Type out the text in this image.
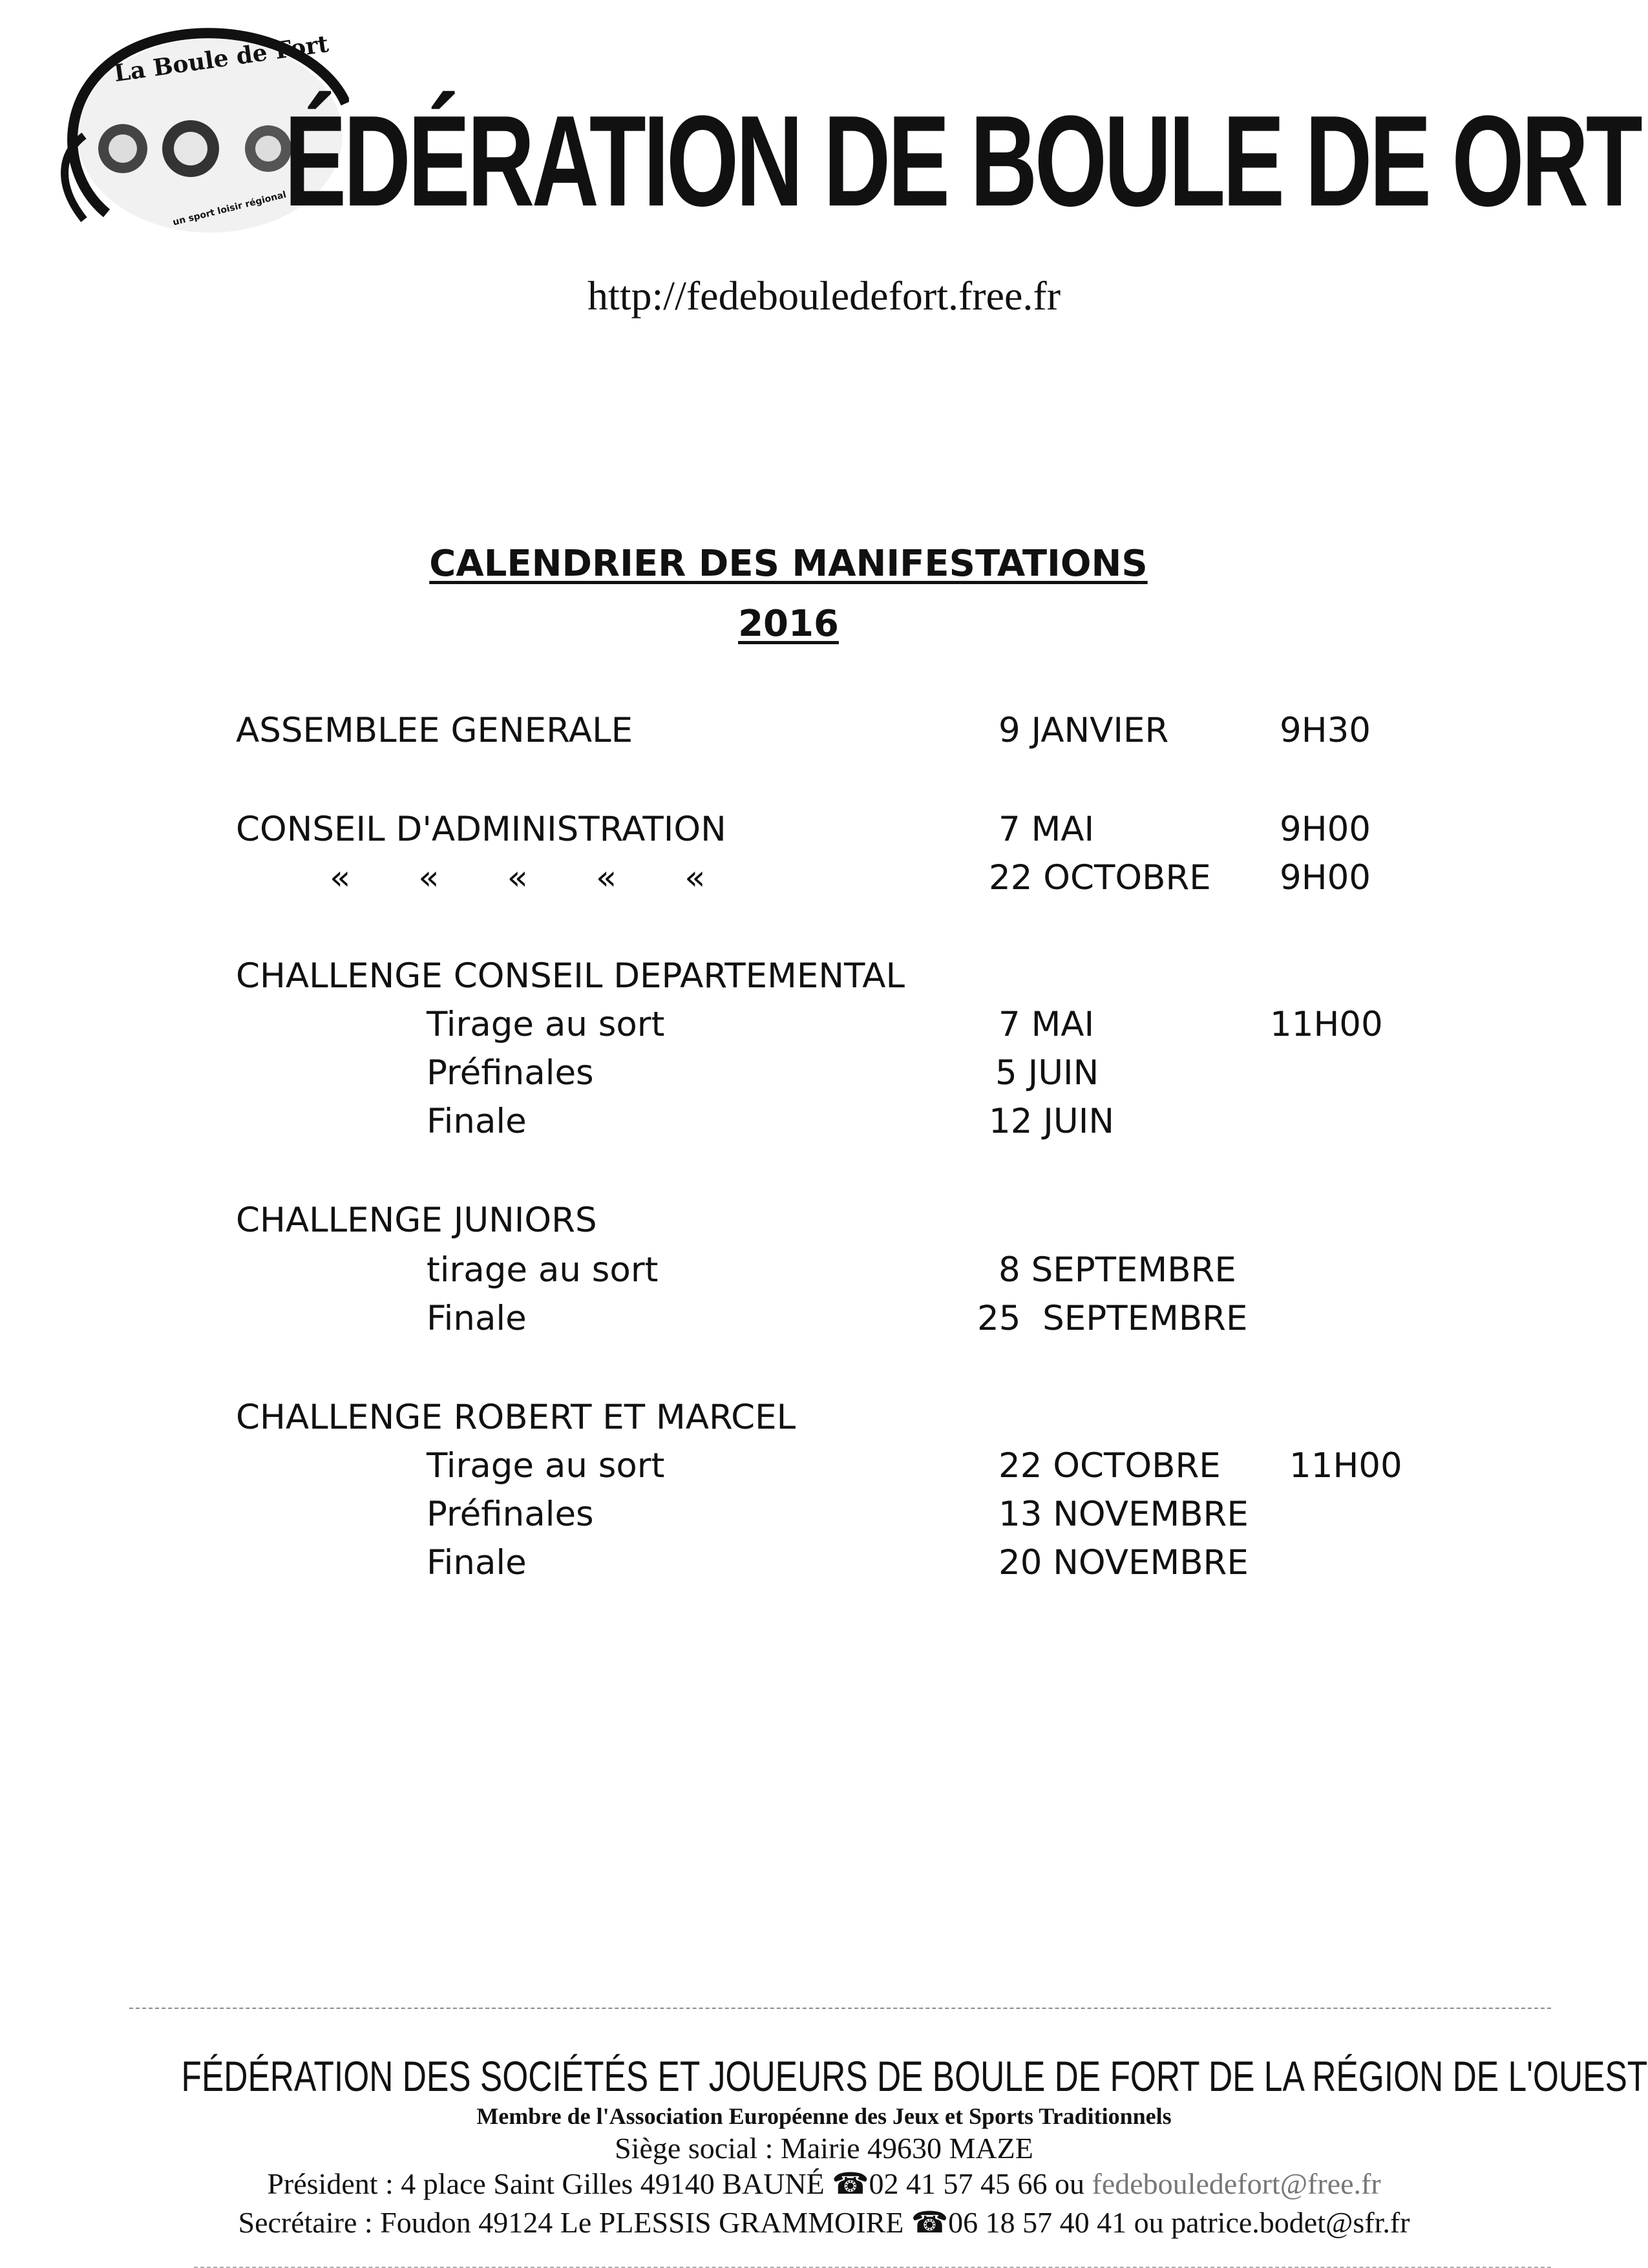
La Boule de Fort
un sport loisir régional
ÉDÉRATION DE BOULE DE ORT
http://fedebouledefort.free.fr
CALENDRIER DES MANIFESTATIONS
2016
ASSEMBLEE GENERALE	9 JANVIER	9H30
CONSEIL D'ADMINISTRATION	7 MAI	9H00
« « « « «	22 OCTOBRE 9H00
CHALLENGE CONSEIL DEPARTEMENTAL
Tirage au sort	7 MAI	11H00
Préfinales	5 JUIN
Finale	12 JUIN
CHALLENGE JUNIORS
tirage au sort	8 SEPTEMBRE
Finale	25  SEPTEMBRE
CHALLENGE ROBERT ET MARCEL
Tirage au sort	22 OCTOBRE 11H00
Préfinales	13 NOVEMBRE
Finale	20 NOVEMBRE
FÉDÉRATION DES SOCIÉTÉS ET JOUEURS DE BOULE DE FORT DE LA RÉGION DE L'OUEST
Membre de l'Association Européenne des Jeux et Sports Traditionnels
Siège social : Mairie 49630 MAZE
Président : 4 place Saint Gilles 49140 BAUNÉ ☎02 41 57 45 66 ou fedebouledefort@free.fr
Secrétaire : Foudon 49124 Le PLESSIS GRAMMOIRE ☎06 18 57 40 41 ou patrice.bodet@sfr.fr
